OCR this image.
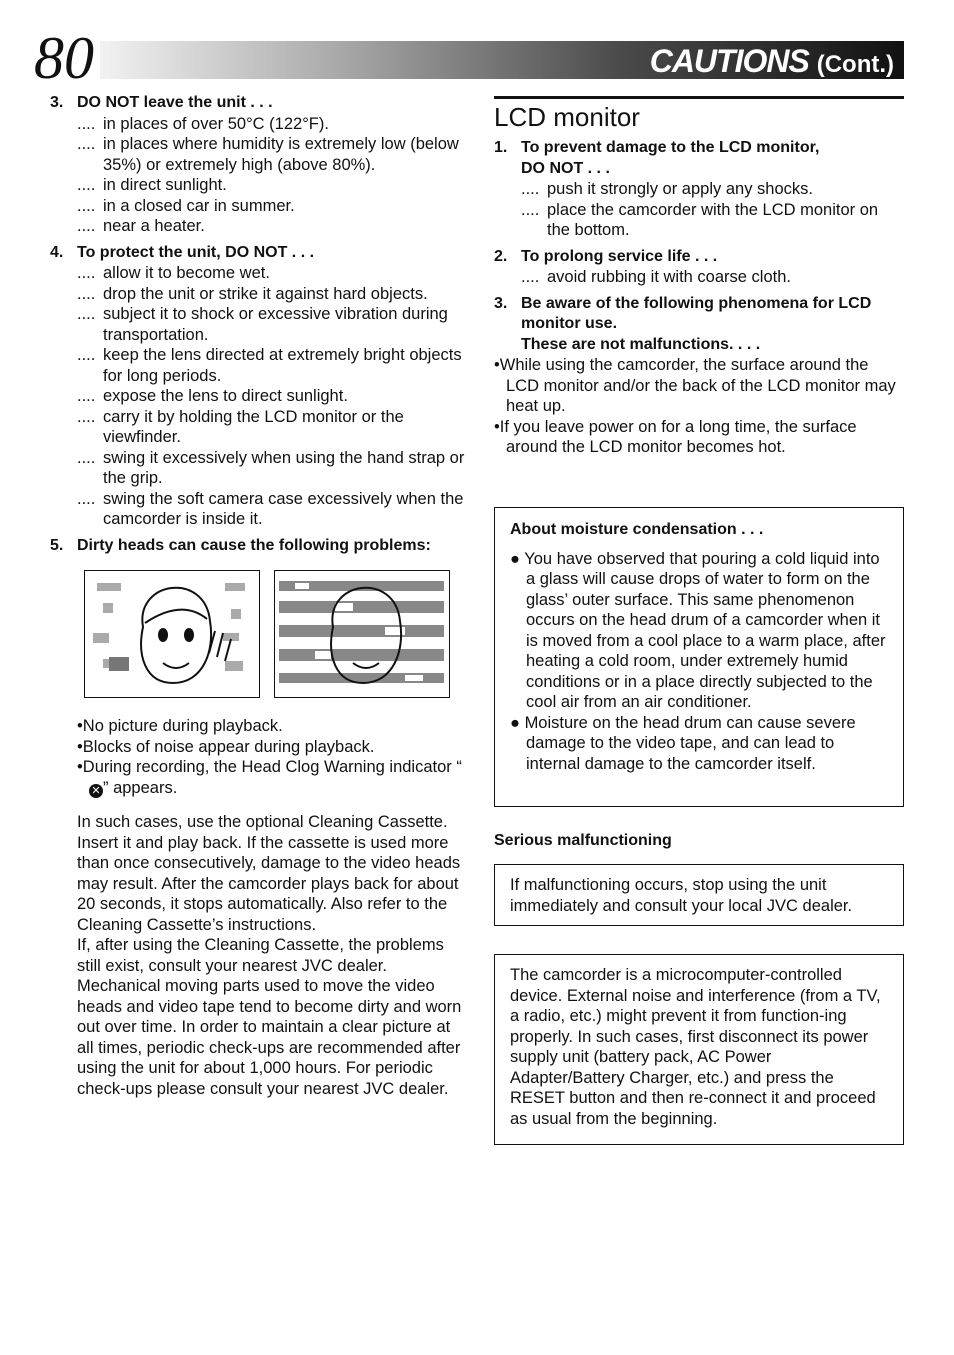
80	CAUTIONS (Cont.)
3. DO NOT leave the unit . . .
.... in places of over 50°C (122°F).
.... in places where humidity is extremely low (below 35%) or extremely high (above 80%).
.... in direct sunlight.
.... in a closed car in summer.
.... near a heater.
4. To protect the unit, DO NOT . . .
.... allow it to become wet.
.... drop the unit or strike it against hard objects.
.... subject it to shock or excessive vibration during transportation.
.... keep the lens directed at extremely bright objects for long periods.
.... expose the lens to direct sunlight.
.... carry it by holding the LCD monitor or the viewfinder.
.... swing it excessively when using the hand strap or the grip.
.... swing the soft camera case excessively when the camcorder is inside it.
5. Dirty heads can cause the following problems:
•No picture during playback.
•Blocks of noise appear during playback.
•During recording, the Head Clog Warning indicator “✕ ” appears.
In such cases, use the optional Cleaning Cassette. Insert it and play back. If the cassette is used more than once consecutively, damage to the video heads may result. After the camcorder plays back for about 20 seconds, it stops automatically. Also refer to the Cleaning Cassette’s instructions.
If, after using the Cleaning Cassette, the problems still exist, consult your nearest JVC dealer.
Mechanical moving parts used to move the video heads and video tape tend to become dirty and worn out over time. In order to maintain a clear picture at all times, periodic check-ups are recommended after using the unit for about 1,000 hours. For periodic check-ups please consult your nearest JVC dealer.
LCD monitor
1. To prevent damage to the LCD monitor,
DO NOT . . .
.... push it strongly or apply any shocks.
.... place the camcorder with the LCD monitor on the bottom.
2. To prolong service life . . .
.... avoid rubbing it with coarse cloth.
3. Be aware of the following phenomena for LCD monitor use.
These are not malfunctions. . . .
•While using the camcorder, the surface around the LCD monitor and/or the back of the LCD monitor may heat up.
•If you leave power on for a long time, the surface around the LCD monitor becomes hot.
About moisture condensation . . .
● You have observed that pouring a cold liquid into a glass will cause drops of water to form on the glass’ outer surface. This same phenomenon occurs on the head drum of a camcorder when it is moved from a cool place to a warm place, after heating a cold room, under extremely humid conditions or in a place directly subjected to the cool air from an air conditioner.
● Moisture on the head drum can cause severe damage to the video tape, and can lead to internal damage to the camcorder itself.
Serious malfunctioning
If malfunctioning occurs, stop using the unit immediately and consult your local JVC dealer.
The camcorder is a microcomputer-controlled device. External noise and interference (from a TV, a radio, etc.) might prevent it from function-ing properly. In such cases, first disconnect its power supply unit (battery pack, AC Power Adapter/Battery Charger, etc.) and press the RESET button and then re-connect it and proceed as usual from the beginning.
